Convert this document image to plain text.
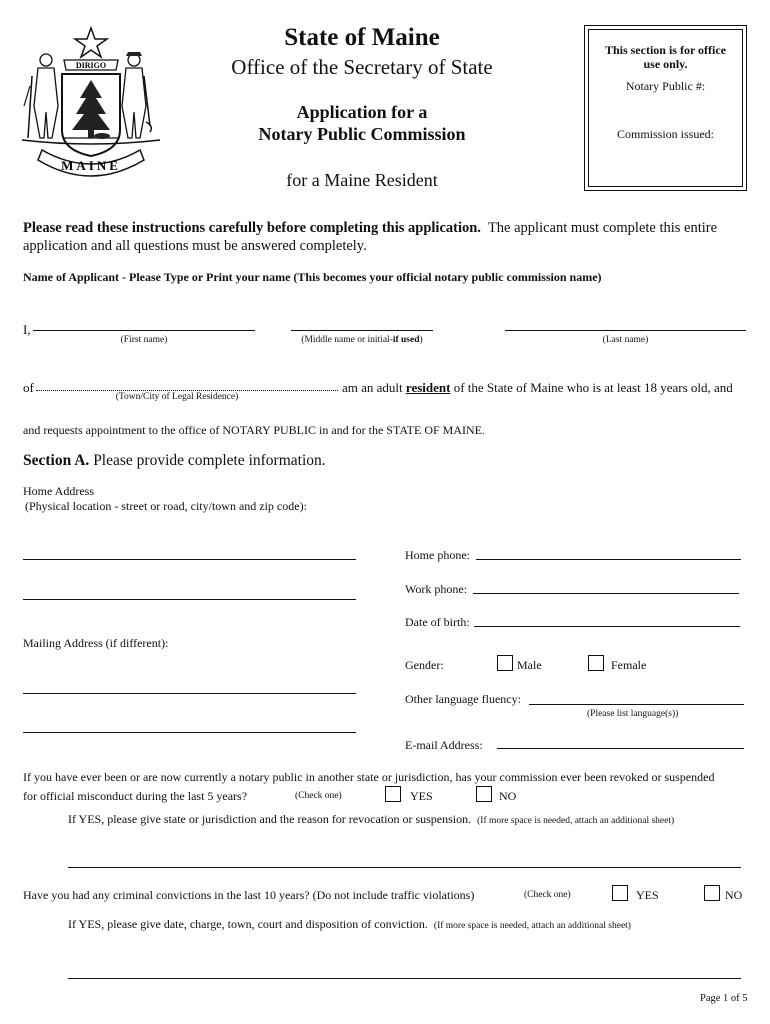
DIRIGO
MAINE
State of Maine
Office of the Secretary of State
Application for a
Notary Public Commission
for a Maine Resident
This section is for office
use only.
Notary Public #:
Commission issued:
Please read these instructions carefully before completing this application. The applicant must complete this entire
application and all questions must be answered completely.
Name of Applicant - Please Type or Print your name (This becomes your official notary public commission name)
I,
(First name)	(Middle name or initial-if used)	(Last name)
of
(Town/City of Legal Residence)
am an adult resident of the State of Maine who is at least 18 years old, and
and requests appointment to the office of NOTARY PUBLIC in and for the STATE OF MAINE.
Section A. Please provide complete information.
Home Address
(Physical location - street or road, city/town and zip code):
Mailing Address (if different):
Home phone:
Work phone:
Date of birth:
Gender:	Male	Female
Other language fluency:
(Please list language(s))
E-mail Address:
If you have ever been or are now currently a notary public in another state or jurisdiction, has your commission ever been revoked or suspended
for official misconduct during the last 5 years?	(Check one)	YES	NO
If YES, please give state or jurisdiction and the reason for revocation or suspension. (If more space is needed, attach an additional sheet)
Have you had any criminal convictions in the last 10 years? (Do not include traffic violations)	(Check one)	YES	NO
If YES, please give date, charge, town, court and disposition of conviction. (If more space is needed, attach an additional sheet)
Page 1 of 5
